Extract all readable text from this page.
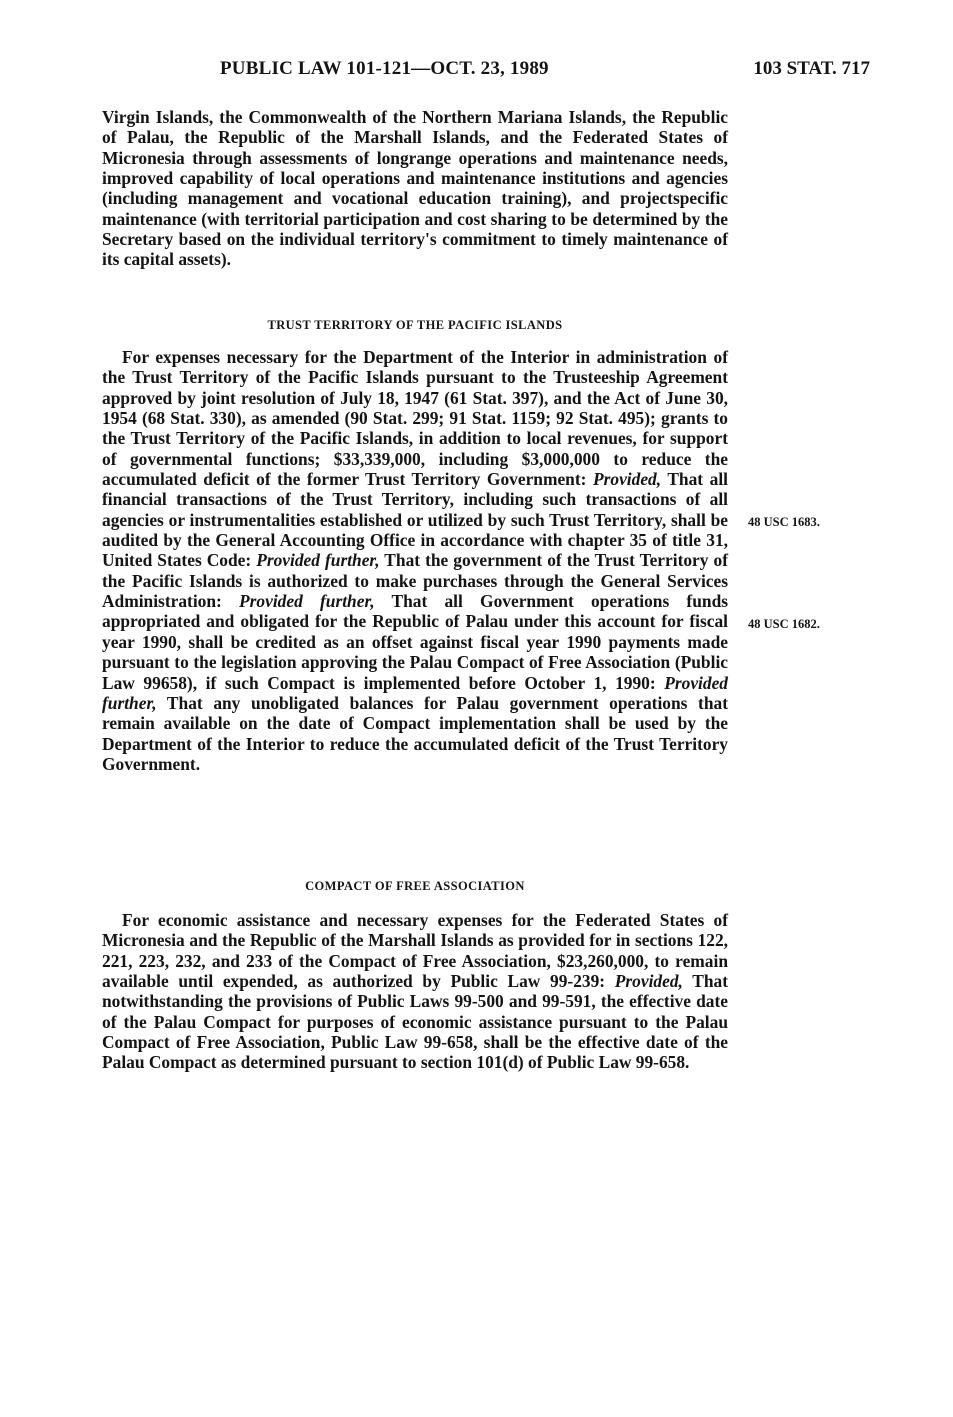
PUBLIC LAW 101-121—OCT. 23, 1989	103 STAT. 717

Virgin Islands, the Commonwealth of the Northern Mariana Islands, the Republic of Palau, the Republic of the Marshall Islands, and the Federated States of Micronesia through assessments of longrange operations and maintenance needs, improved capability of local operations and maintenance institutions and agencies (including management and vocational education training), and projectspecific maintenance (with territorial participation and cost sharing to be determined by the Secretary based on the individual territory's commitment to timely maintenance of its capital assets).

TRUST TERRITORY OF THE PACIFIC ISLANDS

For expenses necessary for the Department of the Interior in administration of the Trust Territory of the Pacific Islands pursuant to the Trusteeship Agreement approved by joint resolution of July 18, 1947 (61 Stat. 397), and the Act of June 30, 1954 (68 Stat. 330), as amended (90 Stat. 299; 91 Stat. 1159; 92 Stat. 495); grants to the Trust Territory of the Pacific Islands, in addition to local revenues, for support of governmental functions; $33,339,000, including $3,000,000 to reduce the accumulated deficit of the former Trust Territory Government: Provided, That all financial transactions of the Trust Territory, including such transactions of all agencies or instrumentalities established or utilized by such Trust Territory, shall be audited by the General Accounting Office in accordance with chapter 35 of title 31, United States Code: Provided further, That the government of the Trust Territory of the Pacific Islands is authorized to make purchases through the General Services Administration: Provided further, That all Government operations funds appropriated and obligated for the Republic of Palau under this account for fiscal year 1990, shall be credited as an offset against fiscal year 1990 payments made pursuant to the legislation approving the Palau Compact of Free Association (Public Law 99658), if such Compact is implemented before October 1, 1990: Provided further, That any unobligated balances for Palau government operations that remain available on the date of Compact implementation shall be used by the Department of the Interior to reduce the accumulated deficit of the Trust Territory Government.

48 USC 1683.
48 USC 1682.
COMPACT OF FREE ASSOCIATION

For economic assistance and necessary expenses for the Federated States of Micronesia and the Republic of the Marshall Islands as provided for in sections 122, 221, 223, 232, and 233 of the Compact of Free Association, $23,260,000, to remain available until expended, as authorized by Public Law 99-239: Provided, That notwithstanding the provisions of Public Laws 99-500 and 99-591, the effective date of the Palau Compact for purposes of economic assistance pursuant to the Palau Compact of Free Association, Public Law 99-658, shall be the effective date of the Palau Compact as determined pursuant to section 101(d) of Public Law 99-658.
